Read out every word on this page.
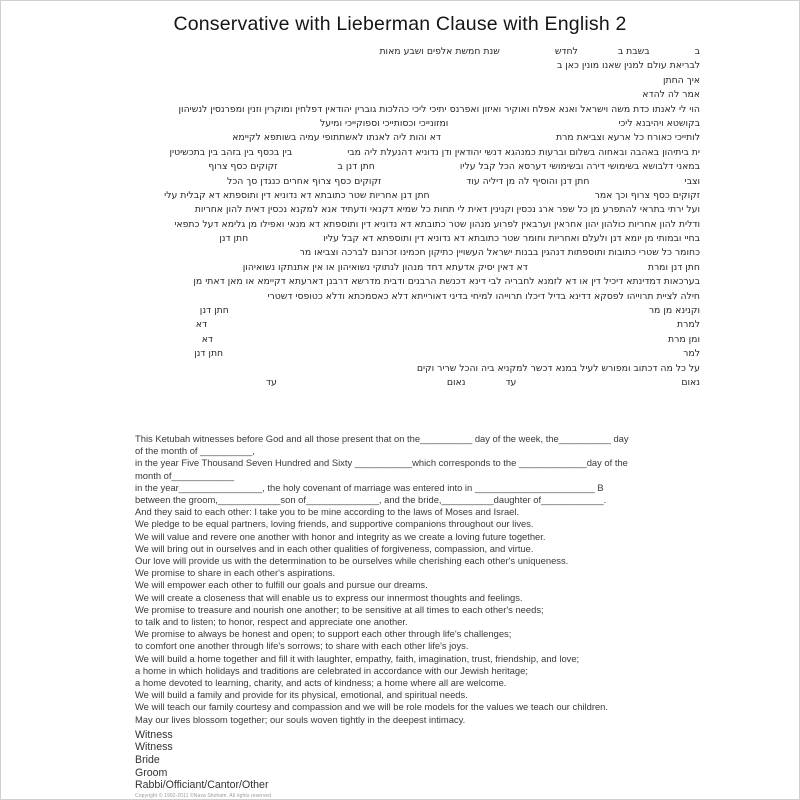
Conservative with Lieberman Clause with English 2
ב
בשבת ב
לחדש
שנת חמשת אלפים ושבע מאות
לבריאת עולם למנין שאנו מונין כאן ב
איך החתן
אמר לה להדא
הוי לי לאנתו כדת משה וישראל ואנא אפלח ואוקיר ואיזון ואפרנס יתיכי ליכי כהלכות גוברין יהודאין דפלחין ומוקרין וזנין ומפרנסין לנשיהון
בקושטא ויהיבנא ליכי
ומזונייכי וכסותייכי וספוקייכי ומיעל
לותייכי כאורח כל ארעא וצביאת מרת
דא והות ליה לאנתו לאשתתופי עמיה בשותפא לקיימא
ית ביתיהון באהבה ובאחוה בשלום וברעות כמנהגא דנשי יהודאין ודן נדוניא דהנעלת ליה מבי
בין בכסף בין בזהב בין בתכשיטין
במאני דלבושא בשימושי דירה ובשימושי דערסא הכל קבל עליו
חתן דנן ב
זקוקים כסף צרוף
וצבי
חתן דנן והוסיף לה מן דיליה עוד
זקוקים כסף צרוף אחרים כנגדן סך הכל
זקוקים כסף צרוף וכך אמר
חתן דנן אחריות שטר כתובתא דא נדוניא דין ותוספתא דא קבלית עלי
ועל ירתי בתראי להתפרע מן כל שפר ארג נכסין וקנינין דאית לי תחות כל שמיא דקנאי ודעתיד אנא למקנא נכסין דאית להון אחריות
ודלית להון אחריות כולהון יהון אחראין וערבאין לפרוע מנהון שטר כתובתא דא נדוניא דין ותוספתא דא מנאי ואפילו מן גלימא דעל כתפאי
בחיי ובמותי מן יומא דנן ולעלם ואחריות וחומר שטר כתובתא דא נדוניא דין ותוספתא דא קבל עליו
חתן דנן
כחומר כל שטרי כתובות ותוספתות דנהגין בבנות ישראל העשויין כתיקון חכמינו זכרונם לברכה וצביאו מר
חתן דנן ומרת
דא דאין יסיק אדעתא דחד מנהון לנתוקי נשואיהון או אין אתנתקו נשואיהון
בערכאות דמדינתא דיכיל דין או דא לזמנא לחבריה לבי דינא דכנשת הרבנים ודבית מדרשא דרבנן דארעתא דקיימא או מאן דאתי מן
חילה לציית תרוייהו לפסקא דדינא בדיל דיכלו תרוייהו למיחי בדיני דאורייתא דלא כאסמכתא ודלא כטופסי דשטרי
וקנינא מן מר
חתן דנן
למרת
דא
ומן מרת
דא
למר
חתן דנן
על כל מה דכתוב ומפורש לעיל במנא דכשר למקניא ביה והכל שריר וקים
נאום
עד
נאום
עד
This Ketubah witnesses before God and all those present that on the__________ day of the week, the__________ day
of the month of __________,
in the year Five Thousand Seven Hundred and Sixty ___________which corresponds to the _____________day of the
month of____________
in the year________________, the holy covenant of marriage was entered into in _______________________ B
between the groom,____________son of______________, and the bride,__________daughter of____________.
And they said to each other: I take you to be mine according to the laws of Moses and Israel.
We pledge to be equal partners, loving friends, and supportive companions throughout our lives.
We will value and revere one another with honor and integrity as we create a loving future together.
We will bring out in ourselves and in each other qualities of forgiveness, compassion, and virtue.
Our love will provide us with the determination to be ourselves while cherishing each other's uniqueness.
We promise to share in each other's aspirations.
We will empower each other to fulfill our goals and pursue our dreams.
We will create a closeness that will enable us to express our innermost thoughts and feelings.
We promise to treasure and nourish one another; to be sensitive at all times to each other's needs;
to talk and to listen; to honor, respect and appreciate one another.
We promise to always be honest and open; to support each other through life's challenges;
to comfort one another through life's sorrows; to share with each other life's joys.
We will build a home together and fill it with laughter, empathy, faith, imagination, trust, friendship, and love;
a home in which holidays and traditions are celebrated in accordance with our Jewish heritage;
a home devoted to learning, charity, and acts of kindness; a home where all are welcome.
We will build a family and provide for its physical, emotional, and spiritual needs.
We will teach our family courtesy and compassion and we will be role models for the values we teach our children.
May our lives blossom together; our souls woven tightly in the deepest intimacy.
Witness
Witness
Bride
Groom
Rabbi/Officiant/Cantor/Other
Copyright © 1992-2011 ©Nava Shoham. All rights reserved
